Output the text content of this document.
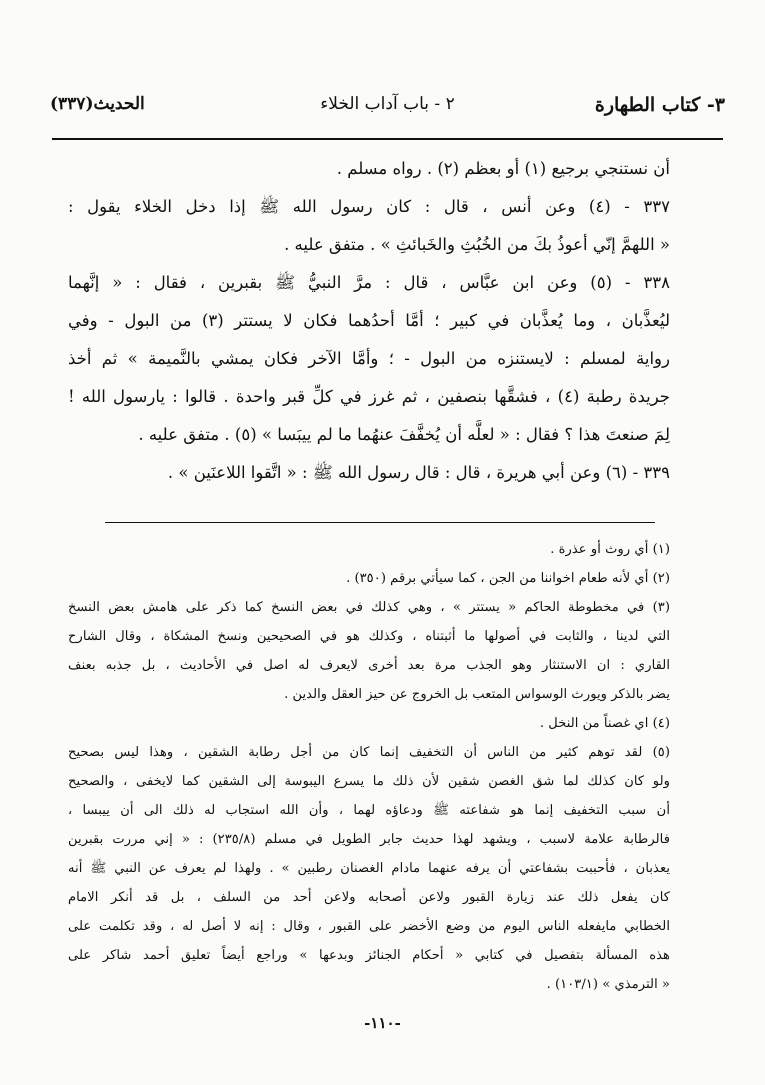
٣- كتاب الطهارة
٢ - باب آداب الخلاء
الحديث(٣٣٧)
أن نستنجي برجيع (١) أو بعظم (٢) . رواه مسلم .
٣٣٧ - (٤) وعن أنس ، قال : كان رسول الله ﷺ إذا دخل الخلاء يقول :
« اللهمَّ إنّي أعوذُ بكَ من الخُبُثِ والخَبائثِ » . متفق عليه .
٣٣٨ - (٥) وعن ابن عبَّاس ، قال : مرَّ النبيُّ ﷺ بقبرين ، فقال : « إنَّهما
ليُعذَّبان ، وما يُعذَّبان في كبير ؛ أمَّا أحدُهما فكان لا يستتر (٣) من البول - وفي
رواية لمسلم : لايستنزه من البول - ؛ وأمَّا الآخر فكان يمشي بالنَّميمة » ثم أخذ
جريدة رطبة (٤) ، فشقَّها بنصفين ، ثم غرز في كلِّ قبر واحدة . قالوا : يارسول الله !
لِمَ صنعتَ هذا ؟ فقال : « لعلَّه أن يُخفَّفَ عنهُما ما لم ييبَسا » (٥) . متفق عليه .
٣٣٩ - (٦) وعن أبي هريرة ، قال : قال رسول الله ﷺ : « اتَّقوا اللاعنَين » .
(١) أي روث أو عذرة .
(٢) أي لأنه طعام اخواننا من الجن ، كما سيأتي برقم (٣٥٠) .
(٣) في مخطوطة الحاكم « يستتر » ، وهي كذلك في بعض النسخ كما ذكر على هامش بعض النسخ
التي لدينا ، والثابت في أصولها ما أثبتناه ، وكذلك هو في الصحيحين ونسخ المشكاة ، وقال الشارح
القاري : ان الاستنثار وهو الجذب مرة بعد أخرى لايعرف له اصل في الأحاديث ، بل جذبه بعنف
يضر بالذكر ويورث الوسواس المتعب بل الخروج عن حيز العقل والدين .
(٤) اي غصناً من النخل .
(٥) لقد توهم كثير من الناس أن التخفيف إنما كان من أجل رطابة الشقين ، وهذا ليس بصحيح
ولو كان كذلك لما شق الغصن شقين لأن ذلك ما يسرع اليبوسة إلى الشقين كما لايخفى ، والصحيح
أن سبب التخفيف إنما هو شفاعته ﷺ ودعاؤه لهما ، وأن الله استجاب له ذلك الى أن ييبسا ،
فالرطابة علامة لاسبب ، ويشهد لهذا حديث جابر الطويل في مسلم (٢٣٥/٨) : « إني مررت بقبرين
يعذبان ، فأحببت بشفاعتي أن يرفه عنهما مادام الغصنان رطبين » . ولهذا لم يعرف عن النبي ﷺ أنه
كان يفعل ذلك عند زيارة القبور ولاعن أصحابه ولاعن أحد من السلف ، بل قد أنكر الامام
الخطابي مايفعله الناس اليوم من وضع الأخضر على القبور ، وقال : إنه لا أصل له ، وقد تكلمت على
هذه المسألة بتفصيل في كتابي « أحكام الجنائز وبدعها » وراجع أيضاً تعليق أحمد شاكر على
« الترمذي » (١٠٣/١) .
-١١٠-
